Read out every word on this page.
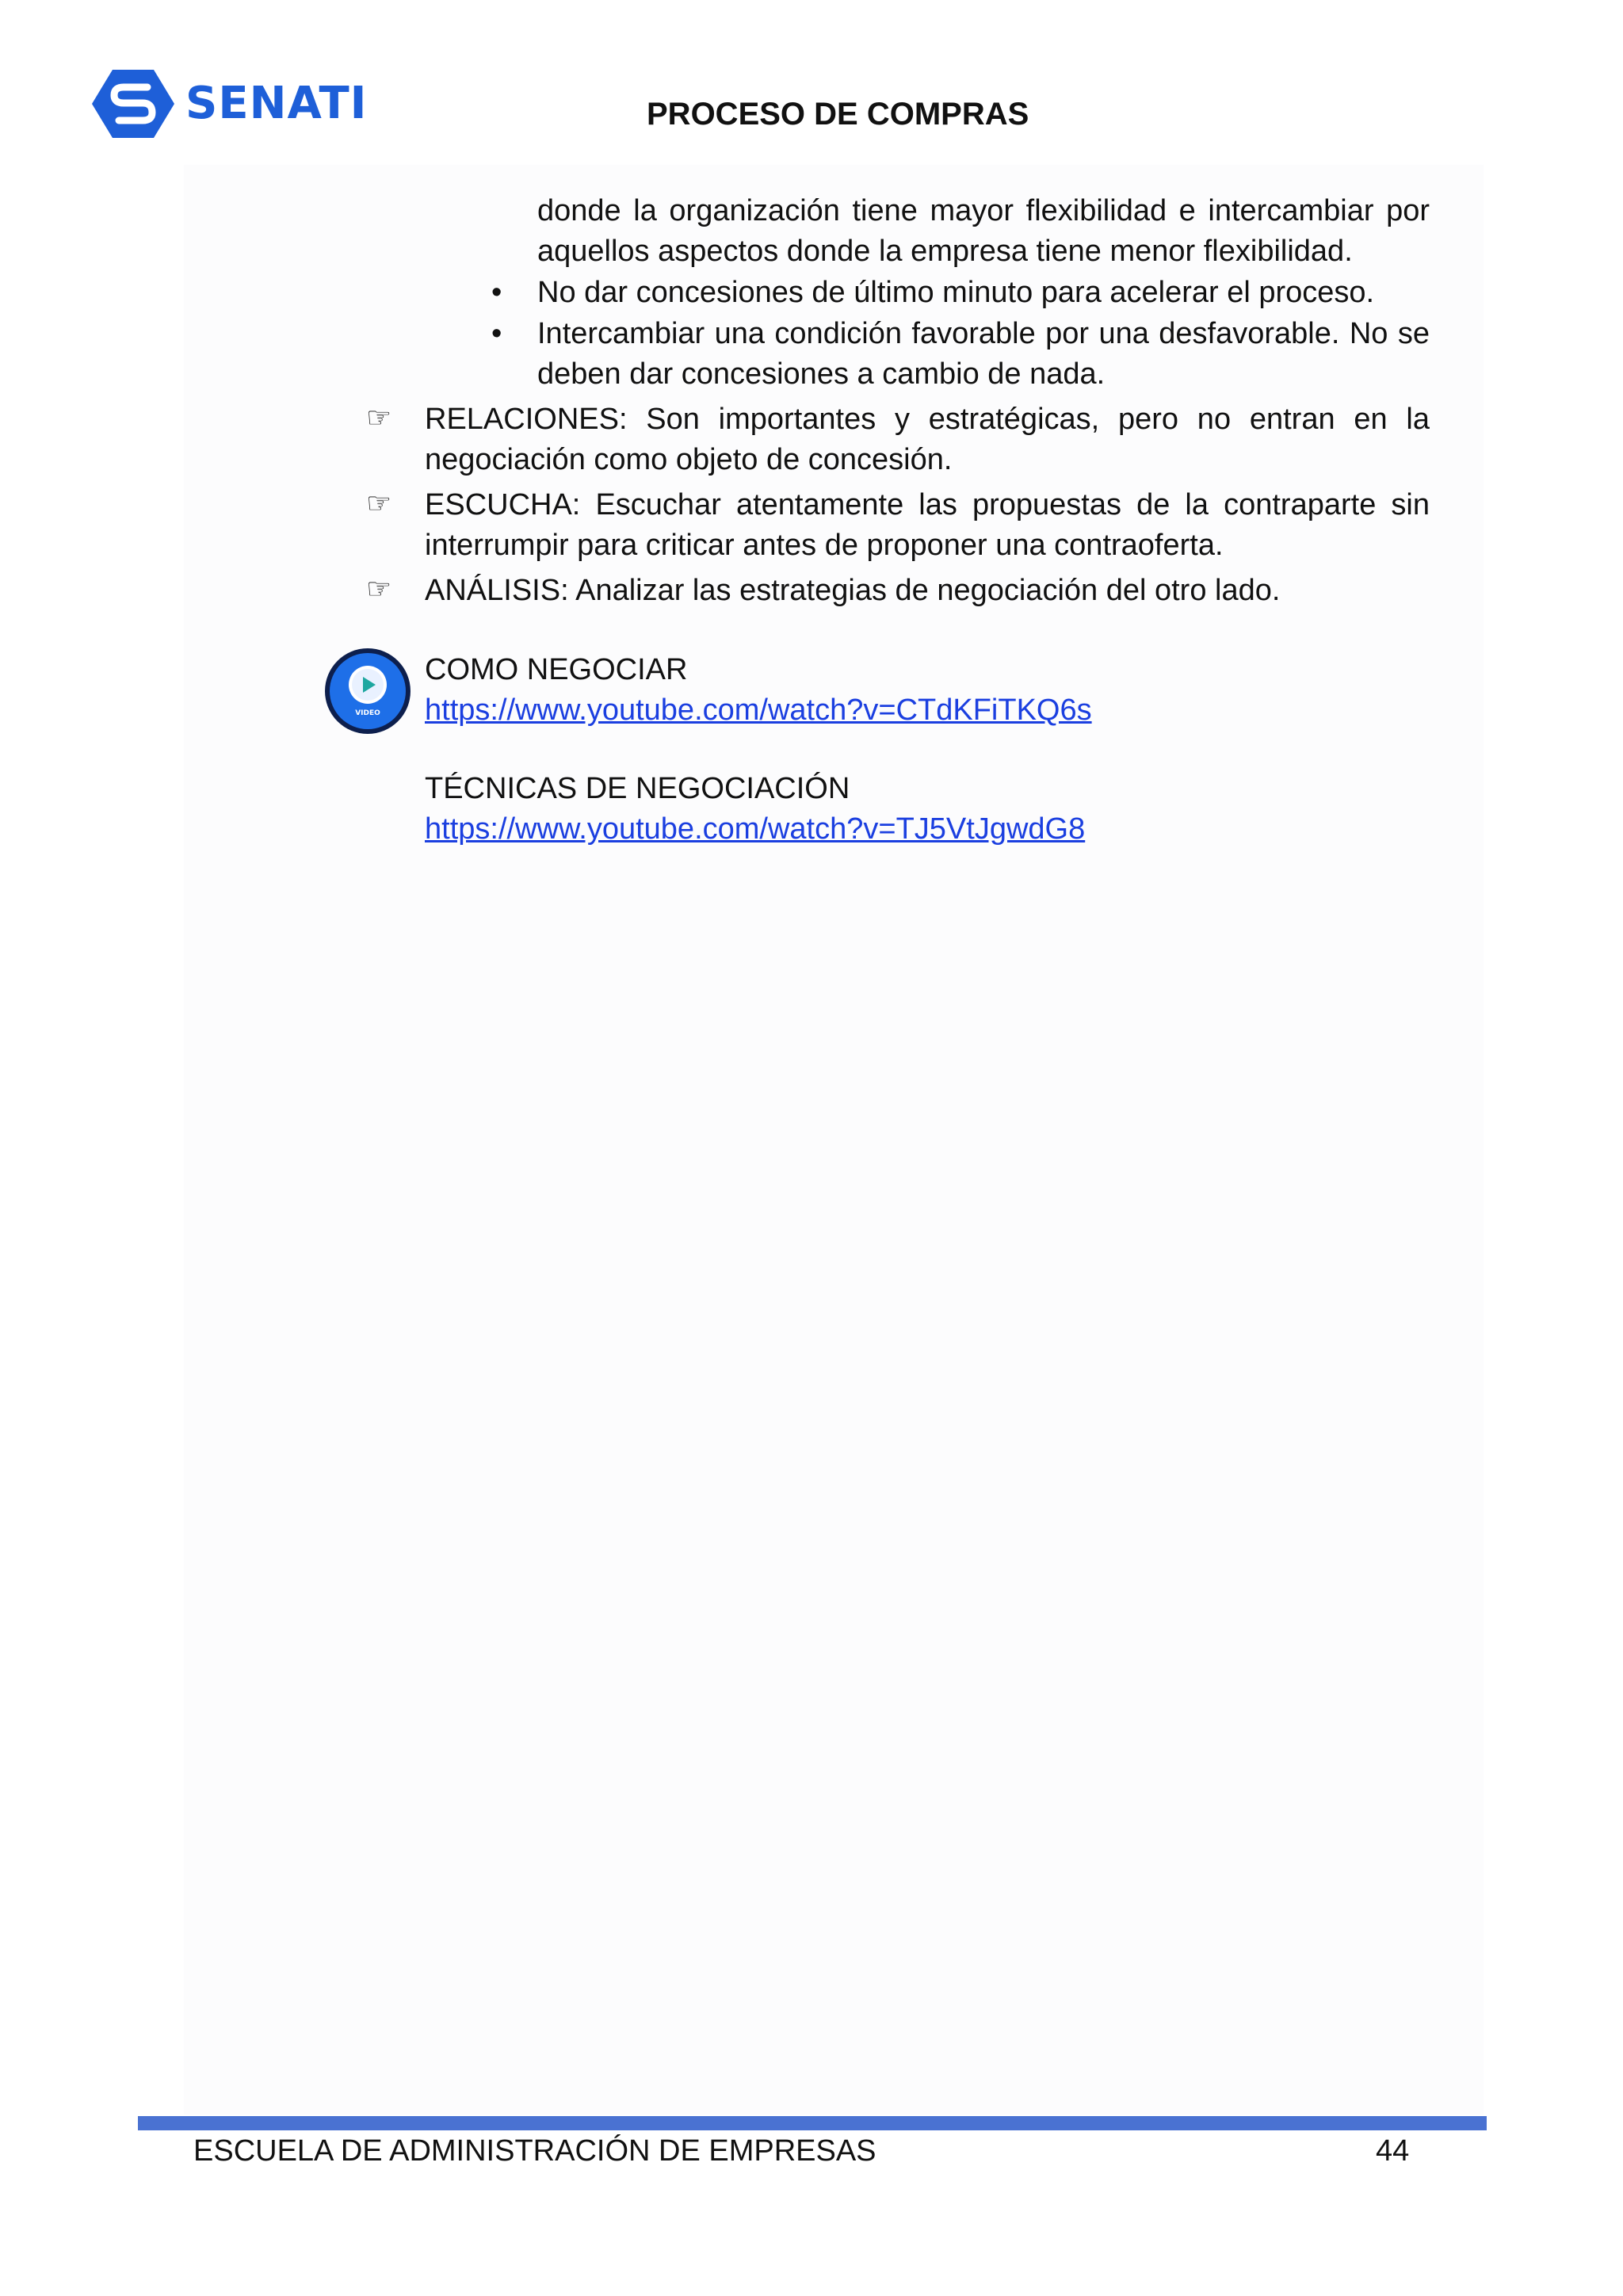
SENATI	PROCESO DE COMPRAS
donde la organización tiene mayor flexibilidad e intercambiar por aquellos aspectos donde la empresa tiene menor flexibilidad.
• No dar concesiones de último minuto para acelerar el proceso.
• Intercambiar una condición favorable por una desfavorable. No se deben dar concesiones a cambio de nada.
☞ RELACIONES: Son importantes y estratégicas, pero no entran en la negociación como objeto de concesión.
☞ ESCUCHA: Escuchar atentamente las propuestas de la contraparte sin interrumpir para criticar antes de proponer una contraoferta.
☞ ANÁLISIS: Analizar las estrategias de negociación del otro lado.
VIDEO
COMO NEGOCIAR
https://www.youtube.com/watch?v=CTdKFiTKQ6s
TÉCNICAS DE NEGOCIACIÓN
https://www.youtube.com/watch?v=TJ5VtJgwdG8
ESCUELA DE ADMINISTRACIÓN DE EMPRESAS	44
